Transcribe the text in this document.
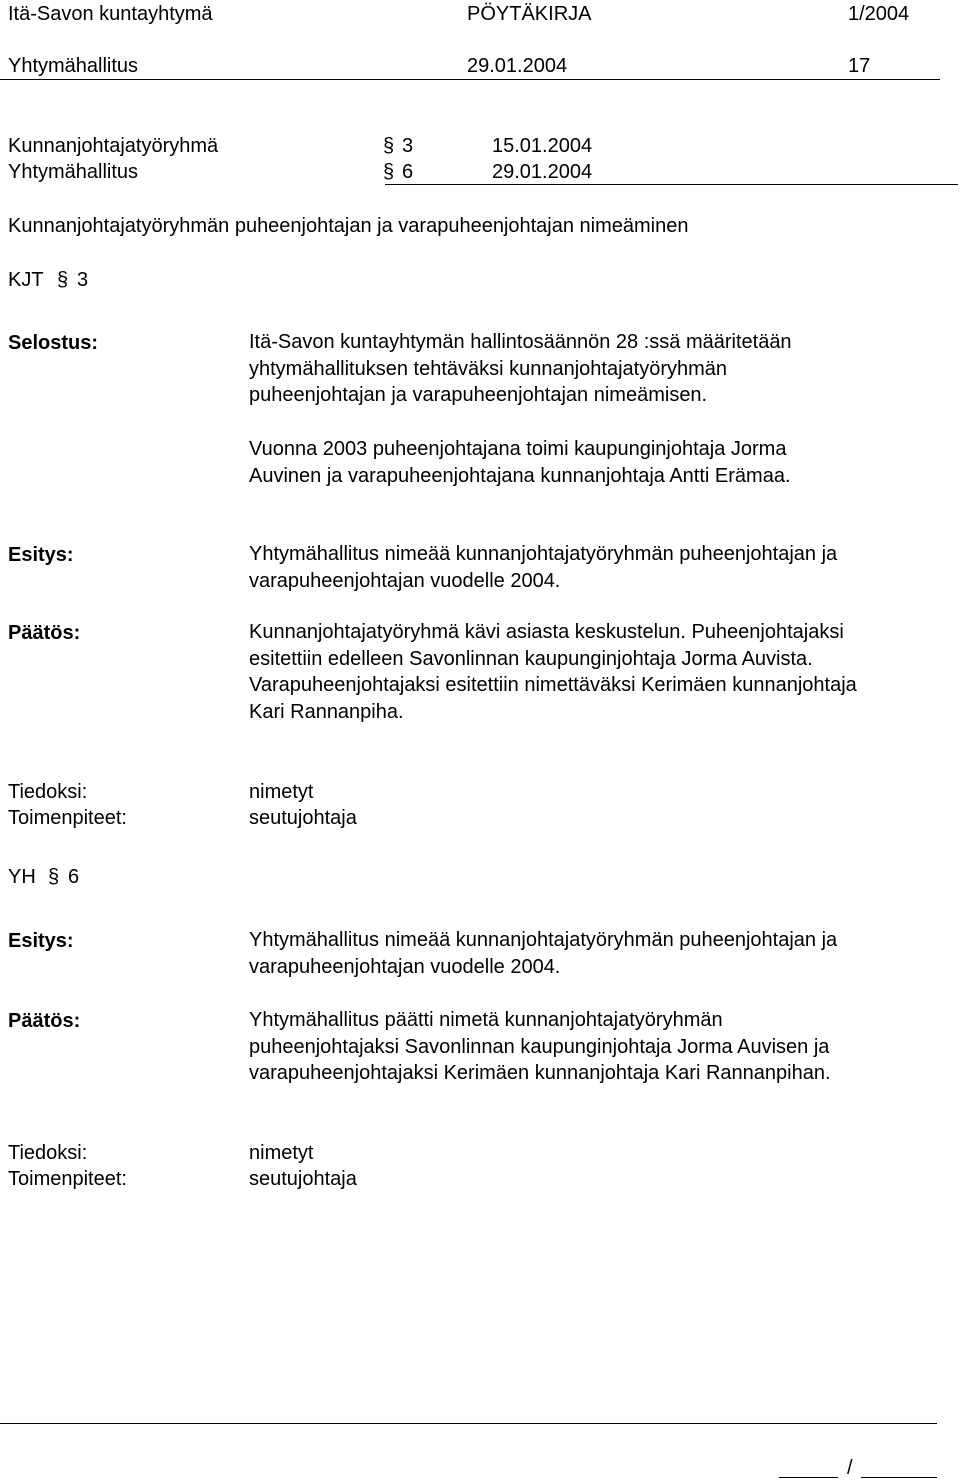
Itä-Savon kuntayhtymä	PÖYTÄKIRJA	1/2004
Yhtymähallitus	29.01.2004	17
Kunnanjohtajatyöryhmä	§ 3	15.01.2004
Yhtymähallitus	§ 6	29.01.2004
Kunnanjohtajatyöryhmän puheenjohtajan ja varapuheenjohtajan nimeäminen
KJT § 3
Selostus:	Itä-Savon kuntayhtymän hallintosäännön 28 :ssä määritetään
yhtymähallituksen tehtäväksi kunnanjohtajatyöryhmän
puheenjohtajan ja varapuheenjohtajan nimeämisen.
Vuonna 2003 puheenjohtajana toimi kaupunginjohtaja Jorma
Auvinen ja varapuheenjohtajana kunnanjohtaja Antti Erämaa.
Esitys:	Yhtymähallitus nimeää kunnanjohtajatyöryhmän puheenjohtajan ja
varapuheenjohtajan vuodelle 2004.
Päätös:	Kunnanjohtajatyöryhmä kävi asiasta keskustelun. Puheenjohtajaksi
esitettiin edelleen Savonlinnan kaupunginjohtaja Jorma Auvista.
Varapuheenjohtajaksi esitettiin nimettäväksi Kerimäen kunnanjohtaja
Kari Rannanpiha.
Tiedoksi:	nimetyt
Toimenpiteet:	seutujohtaja
YH § 6
Esitys:	Yhtymähallitus nimeää kunnanjohtajatyöryhmän puheenjohtajan ja
varapuheenjohtajan vuodelle 2004.
Päätös:	Yhtymähallitus päätti nimetä kunnanjohtajatyöryhmän
puheenjohtajaksi Savonlinnan kaupunginjohtaja Jorma Auvisen ja
varapuheenjohtajaksi Kerimäen kunnanjohtaja Kari Rannanpihan.
Tiedoksi:	nimetyt
Toimenpiteet:	seutujohtaja
/
